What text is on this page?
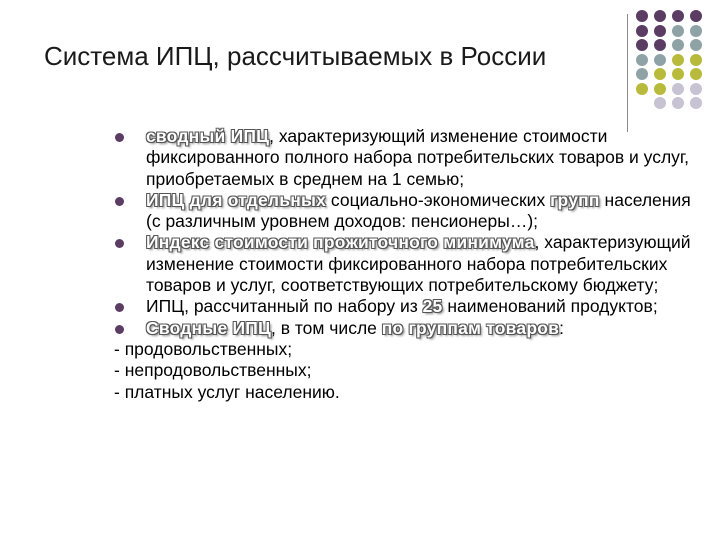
Система ИПЦ, рассчитываемых в России

сводный ИПЦ, характеризующий изменение стоимости фиксированного полного набора потребительских товаров и услуг, приобретаемых в среднем на 1 семью;

ИПЦ для отдельных социально-экономических групп населения (с различным уровнем доходов: пенсионеры…);

Индекс стоимости прожиточного минимума, характеризующий изменение стоимости фиксированного набора потребительских товаров и услуг, соответствующих потребительскому бюджету;

ИПЦ, рассчитанный по набору из 25 наименований продуктов;

Сводные ИПЦ, в том числе по группам товаров:

- продовольственных;

- непродовольственных;

- платных услуг населению.
